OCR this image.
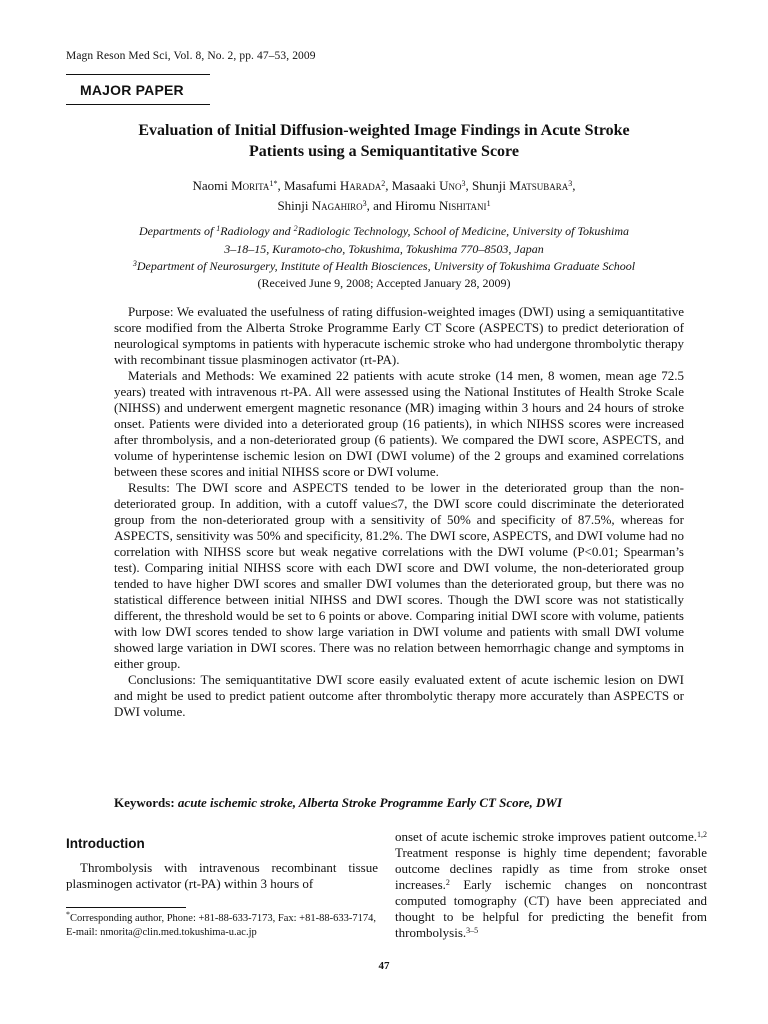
Magn Reson Med Sci, Vol. 8, No. 2, pp. 47–53, 2009
MAJOR PAPER
Evaluation of Initial Diffusion-weighted Image Findings in Acute Stroke
Patients using a Semiquantitative Score
Naomi Morita$^{1*}$, Masafumi Harada$^2$, Masaaki Uno$^3$, Shunji Matsubara$^3$,
Shinji Nagahiro$^3$, and Hiromu Nishitani$^1$
Departments of $^1$Radiology and $^2$Radiologic Technology, School of Medicine, University of Tokushima
3–18–15, Kuramoto-cho, Tokushima, Tokushima 770–8503, Japan
$^3$Department of Neurosurgery, Institute of Health Biosciences, University of Tokushima Graduate School
(Received June 9, 2008; Accepted January 28, 2009)

Purpose: We evaluated the usefulness of rating diffusion-weighted images (DWI) using a semiquantitative score modified from the Alberta Stroke Programme Early CT Score (ASPECTS) to predict deterioration of neurological symptoms in patients with hyperacute ischemic stroke who had undergone thrombolytic therapy with recombinant tissue plasminogen activator (rt-PA).

Materials and Methods: We examined 22 patients with acute stroke (14 men, 8 women, mean age 72.5 years) treated with intravenous rt-PA. All were assessed using the National Institutes of Health Stroke Scale (NIHSS) and underwent emergent magnetic resonance (MR) imaging within 3 hours and 24 hours of stroke onset. Patients were divided into a deteriorated group (16 patients), in which NIHSS scores were increased after thrombolysis, and a non-deteriorated group (6 patients). We compared the DWI score, ASPECTS, and volume of hyperintense ischemic lesion on DWI (DWI volume) of the 2 groups and examined correlations between these scores and initial NIHSS score or DWI volume.

Results: The DWI score and ASPECTS tended to be lower in the deteriorated group than the non-deteriorated group. In addition, with a cutoff value≤7, the DWI score could discriminate the deteriorated group from the non-deteriorated group with a sensitivity of 50% and specificity of 87.5%, whereas for ASPECTS, sensitivity was 50% and specificity, 81.2%. The DWI score, ASPECTS, and DWI volume had no correlation with NIHSS score but weak negative correlations with the DWI volume (P<0.01; Spearman’s test). Comparing initial NIHSS score with each DWI score and DWI volume, the non-deteriorated group tended to have higher DWI scores and smaller DWI volumes than the deteriorated group, but there was no statistical difference between initial NIHSS and DWI scores. Though the DWI score was not statistically different, the threshold would be set to 6 points or above. Comparing initial DWI score with volume, patients with low DWI scores tended to show large variation in DWI volume and patients with small DWI volume showed large variation in DWI scores. There was no relation between hemorrhagic change and symptoms in either group.

Conclusions: The semiquantitative DWI score easily evaluated extent of acute ischemic lesion on DWI and might be used to predict patient outcome after thrombolytic therapy more accurately than ASPECTS or DWI volume.

Keywords: acute ischemic stroke, Alberta Stroke Programme Early CT Score, DWI
Introduction

Thrombolysis with intravenous recombinant tissue plasminogen activator (rt-PA) within 3 hours of

*Corresponding author, Phone: +81-88-633-7173, Fax: +81-88-633-7174, E-mail: nmorita@clin.med.tokushima-u.ac.jp

onset of acute ischemic stroke improves patient outcome.$^{1,2}$ Treatment response is highly time dependent; favorable outcome declines rapidly as time from stroke onset increases.$^2$ Early ischemic changes on noncontrast computed tomography (CT) have been appreciated and thought to be helpful for predicting the benefit from thrombolysis.$^{3-5}$

47
